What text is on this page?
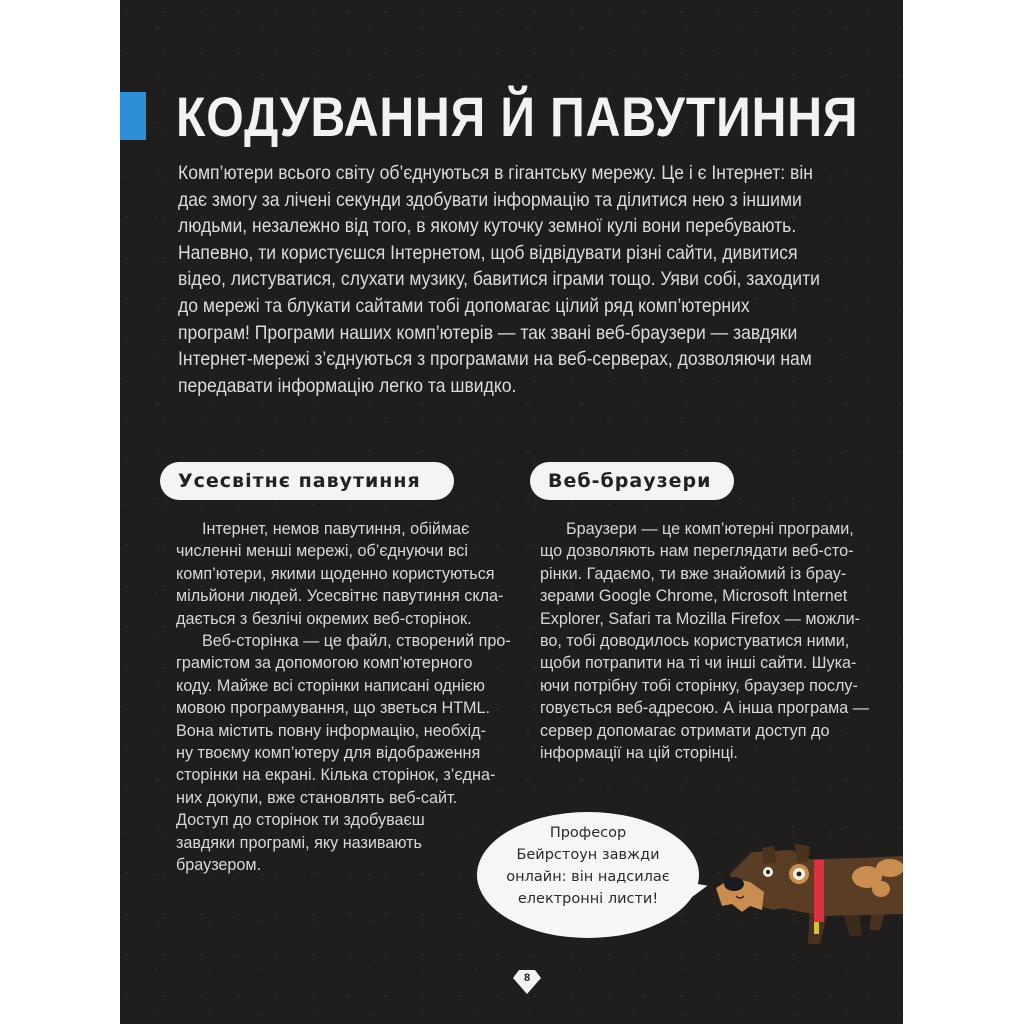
КОДУВАННЯ Й ПАВУТИННЯ

Комп’ютери всього світу об’єднуються в гігантську мережу. Це і є Інтернет: він
дає змогу за лічені секунди здобувати інформацію та ділитися нею з іншими
людьми, незалежно від того, в якому куточку земної кулі вони перебувають.
Напевно, ти користуєшся Інтернетом, щоб відвідувати різні сайти, дивитися
відео, листуватися, слухати музику, бавитися іграми тощо. Уяви собі, заходити
до мережі та блукати сайтами тобі допомагає цілий ряд комп’ютерних
програм! Програми наших комп’ютерів — так звані веб-браузери — завдяки
Інтернет-мережі з’єднуються з програмами на веб-серверах, дозволяючи нам
передавати інформацію легко та швидко.

Усесвітнє павутиння	Веб-браузери

Інтернет, немов павутиння, обіймає
численні менші мережі, об’єднуючи всі
комп’ютери, якими щоденно користуються
мільйони людей. Усесвітнє павутиння скла-
дається з безлічі окремих веб-сторінок.
Веб-сторінка — це файл, створений про-
грамістом за допомогою комп’ютерного
коду. Майже всі сторінки написані однією
мовою програмування, що зветься HTML.
Вона містить повну інформацію, необхід-
ну твоєму комп’ютеру для відображення
сторінки на екрані. Кілька сторінок, з’єдна-
них докупи, вже становлять веб-сайт.
Доступ до сторінок ти здобуваєш
завдяки програмі, яку називають
браузером.

Браузери — це комп’ютерні програми,
що дозволяють нам переглядати веб-сто-
рінки. Гадаємо, ти вже знайомий із брау-
зерами Google Chrome, Microsoft Internet
Explorer, Safari та Mozilla Firefox — можли-
во, тобі доводилось користуватися ними,
щоби потрапити на ті чи інші сайти. Шука-
ючи потрібну тобі сторінку, браузер послу-
говується веб-адресою. А інша програма —
сервер допомагає отримати доступ до
інформації на цій сторінці.

Професор
Бейрстоун завжди
онлайн: він надсилає
електронні листи!

8
